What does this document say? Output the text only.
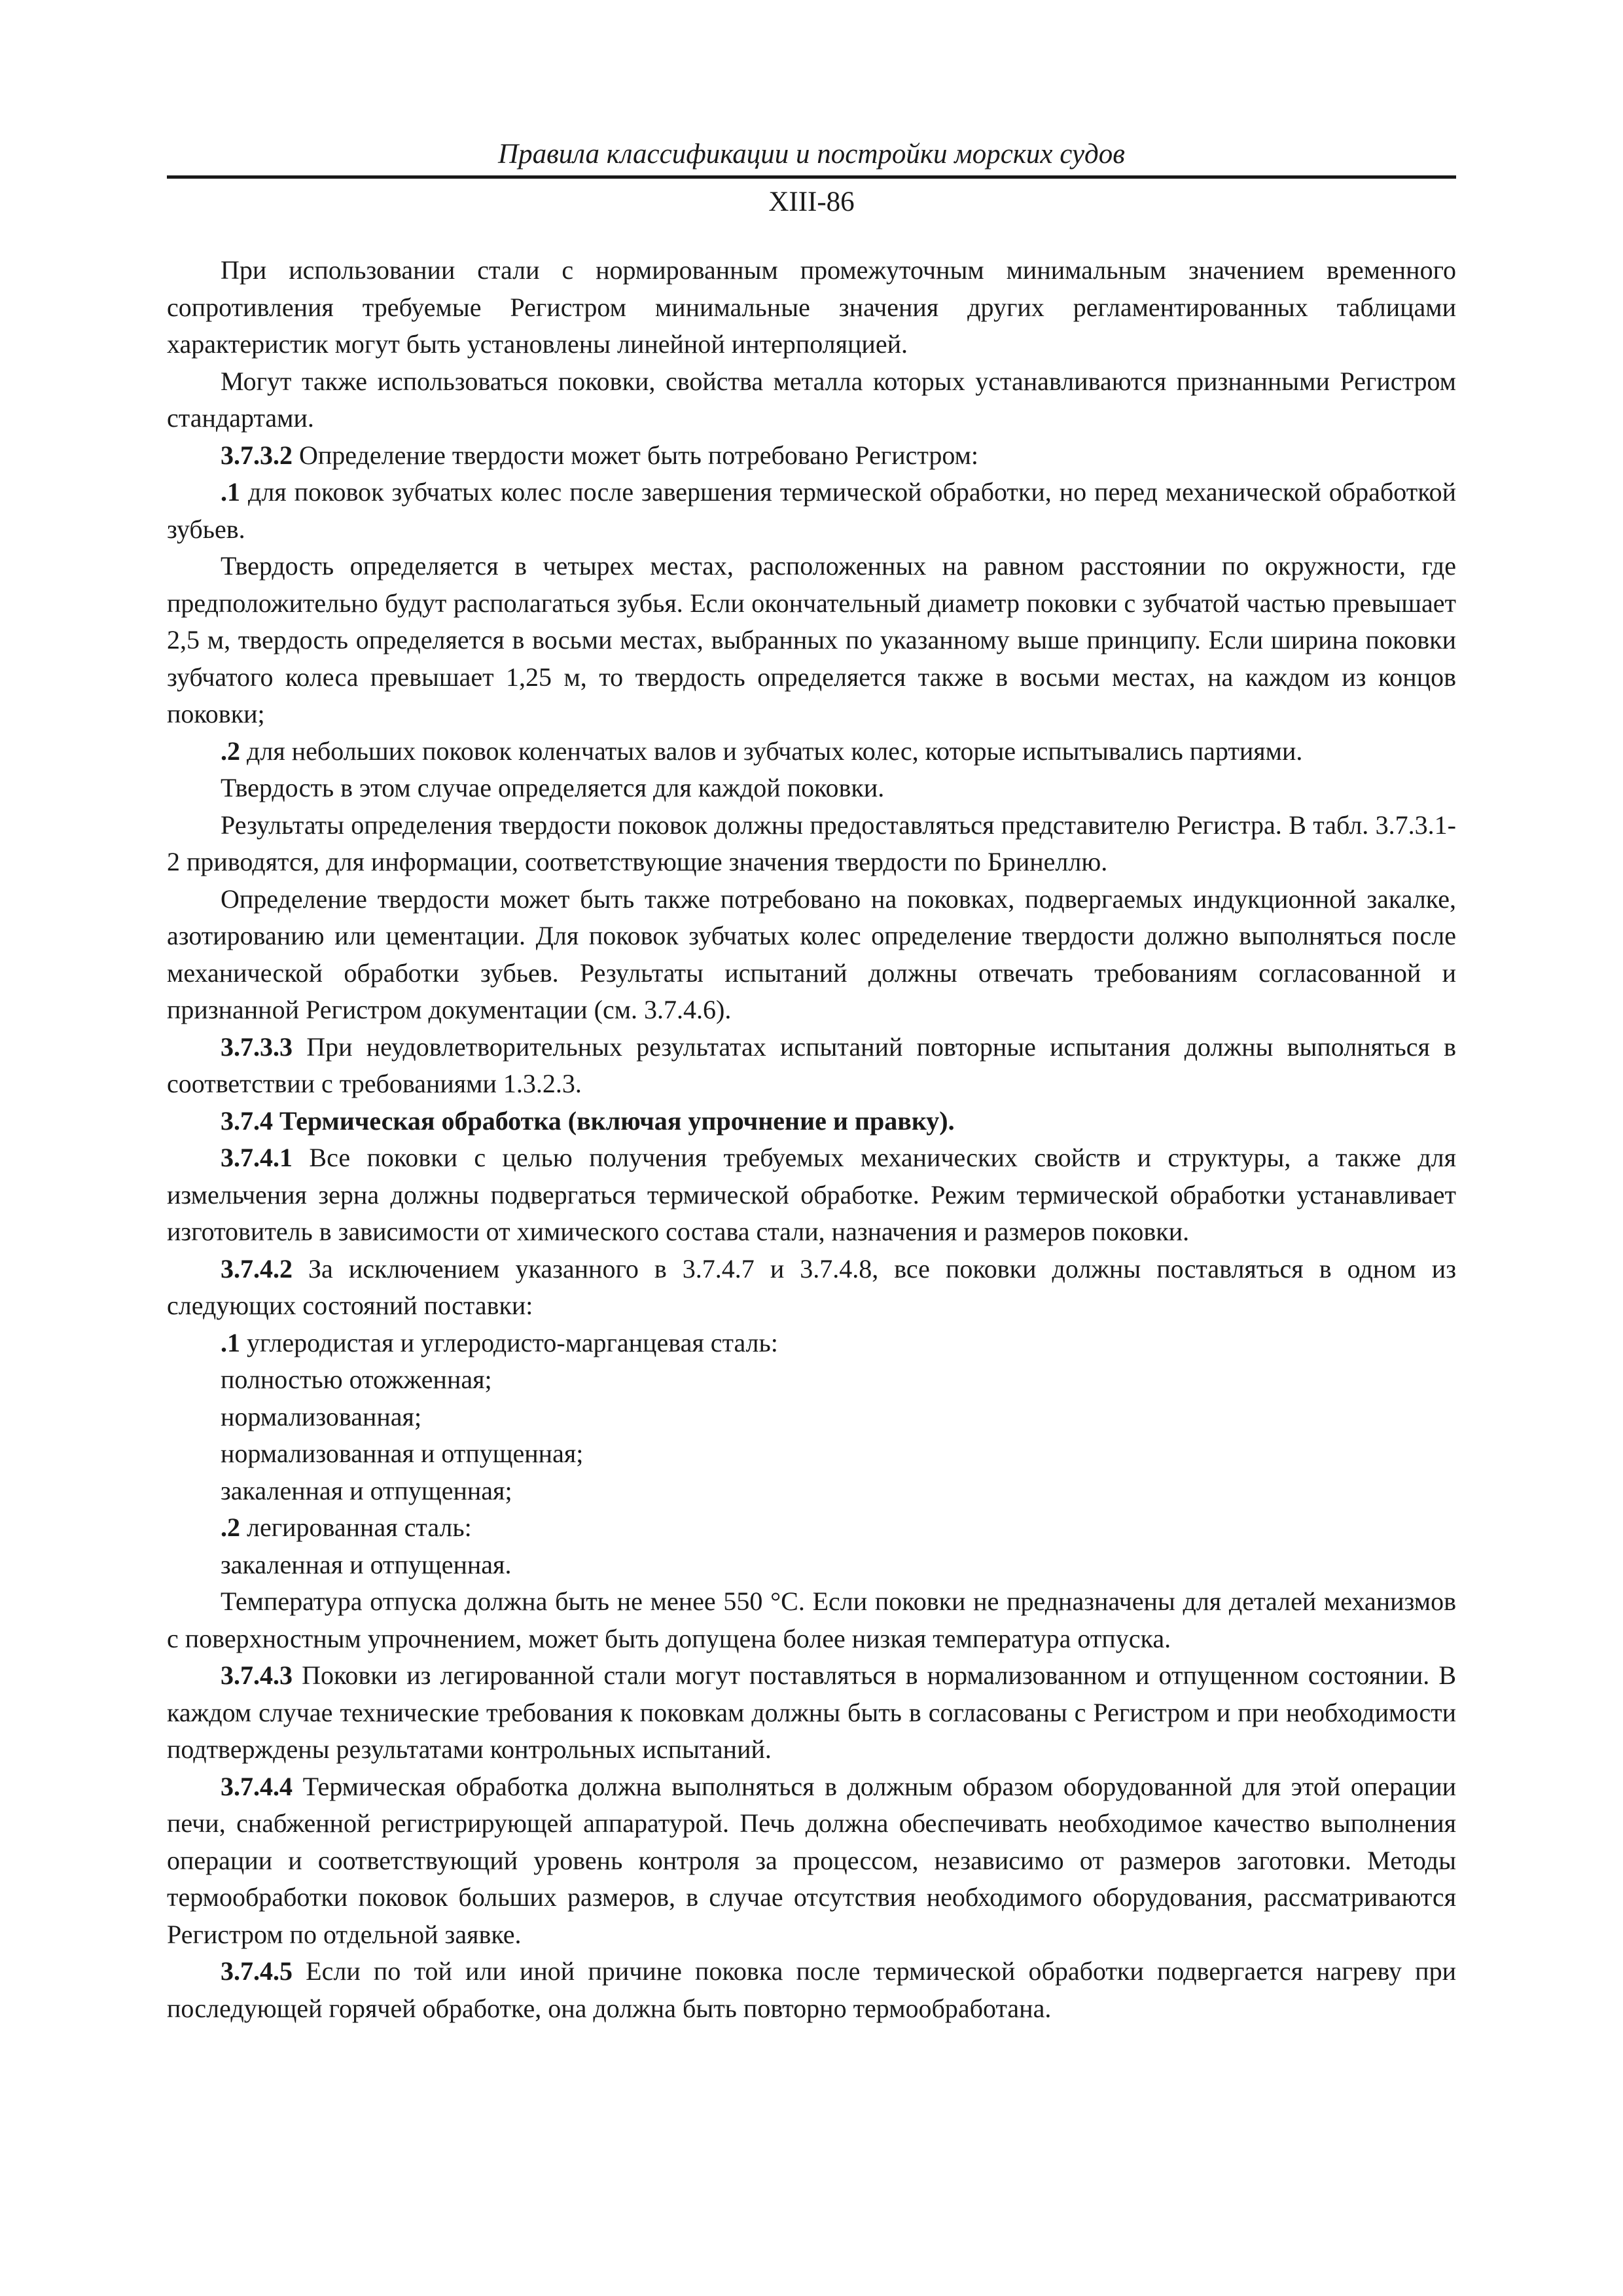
Правила классификации и постройки морских судов
XIII-86

При использовании стали с нормированным промежуточным минимальным значением временного сопротивления требуемые Регистром минимальные значения других регламентированных таблицами характеристик могут быть установлены линейной интерполяцией.

Могут также использоваться поковки, свойства металла которых устанавливаются признанными Регистром стандартами.

3.7.3.2 Определение твердости может быть потребовано Регистром:

.1 для поковок зубчатых колес после завершения термической обработки, но перед механической обработкой зубьев.

Твердость определяется в четырех местах, расположенных на равном расстоянии по окружности, где предположительно будут располагаться зубья. Если окончательный диаметр поковки с зубчатой частью превышает 2,5 м, твердость определяется в восьми местах, выбранных по указанному выше принципу. Если ширина поковки зубчатого колеса превышает 1,25 м, то твердость определяется также в восьми местах, на каждом из концов поковки;

.2 для небольших поковок коленчатых валов и зубчатых колес, которые испытывались партиями.

Твердость в этом случае определяется для каждой поковки.

Результаты определения твердости поковок должны предоставляться представителю Регистра. В табл. 3.7.3.1-2 приводятся, для информации, соответствующие значения твердости по Бринеллю.

Определение твердости может быть также потребовано на поковках, подвергаемых индукционной закалке, азотированию или цементации. Для поковок зубчатых колес определение твердости должно выполняться после механической обработки зубьев. Результаты испытаний должны отвечать требованиям согласованной и признанной Регистром документации (см. 3.7.4.6).

3.7.3.3 При неудовлетворительных результатах испытаний повторные испытания должны выполняться в соответствии с требованиями 1.3.2.3.

3.7.4 Термическая обработка (включая упрочнение и правку).

3.7.4.1 Все поковки с целью получения требуемых механических свойств и структуры, а также для измельчения зерна должны подвергаться термической обработке. Режим термической обработки устанавливает изготовитель в зависимости от химического состава стали, назначения и размеров поковки.

3.7.4.2 За исключением указанного в 3.7.4.7 и 3.7.4.8, все поковки должны поставляться в одном из следующих состояний поставки:

.1 углеродистая и углеродисто-марганцевая сталь:

полностью отожженная;

нормализованная;

нормализованная и отпущенная;

закаленная и отпущенная;

.2 легированная сталь:

закаленная и отпущенная.

Температура отпуска должна быть не менее 550 °С. Если поковки не предназначены для деталей механизмов с поверхностным упрочнением, может быть допущена более низкая температура отпуска.

3.7.4.3 Поковки из легированной стали могут поставляться в нормализованном и отпущенном состоянии. В каждом случае технические требования к поковкам должны быть в согласованы с Регистром и при необходимости подтверждены результатами контрольных испытаний.

3.7.4.4 Термическая обработка должна выполняться в должным образом оборудованной для этой операции печи, снабженной регистрирующей аппаратурой. Печь должна обеспечивать необходимое качество выполнения операции и соответствующий уровень контроля за процессом, независимо от размеров заготовки. Методы термообработки поковок больших размеров, в случае отсутствия необходимого оборудования, рассматриваются Регистром по отдельной заявке.

3.7.4.5 Если по той или иной причине поковка после термической обработки подвергается нагреву при последующей горячей обработке, она должна быть повторно термообработана.
